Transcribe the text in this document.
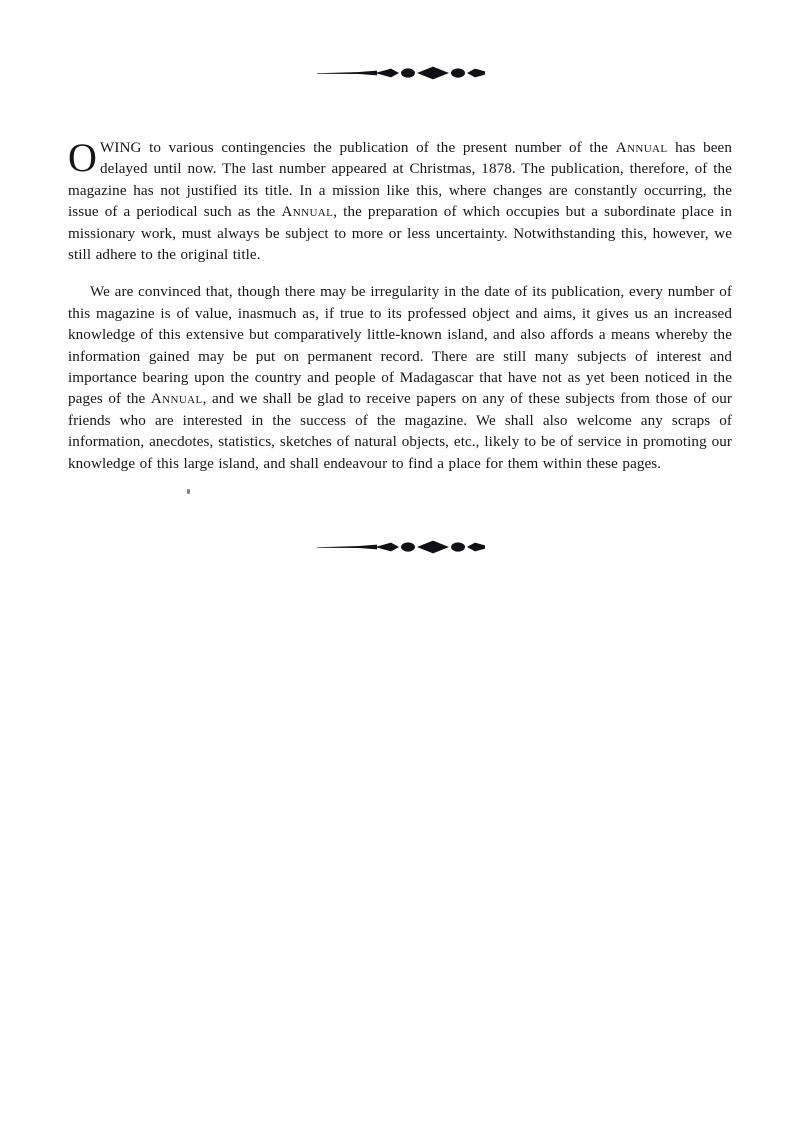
OWING to various contingencies the publication of the present number of the Annual has been delayed until now. The last number appeared at Christmas, 1878. The publication, therefore, of the magazine has not justified its title. In a mission like this, where changes are constantly occurring, the issue of a periodical such as the Annual, the preparation of which occupies but a subordinate place in missionary work, must always be subject to more or less uncertainty. Notwithstanding this, however, we still adhere to the original title.

We are convinced that, though there may be irregularity in the date of its publication, every number of this magazine is of value, inasmuch as, if true to its professed object and aims, it gives us an increased knowledge of this extensive but comparatively little-known island, and also affords a means whereby the information gained may be put on permanent record. There are still many subjects of interest and importance bearing upon the country and people of Madagascar that have not as yet been noticed in the pages of the Annual, and we shall be glad to receive papers on any of these subjects from those of our friends who are interested in the success of the magazine. We shall also welcome any scraps of information, anecdotes, statistics, sketches of natural objects, etc., likely to be of service in promoting our knowledge of this large island, and shall endeavour to find a place for them within these pages.
